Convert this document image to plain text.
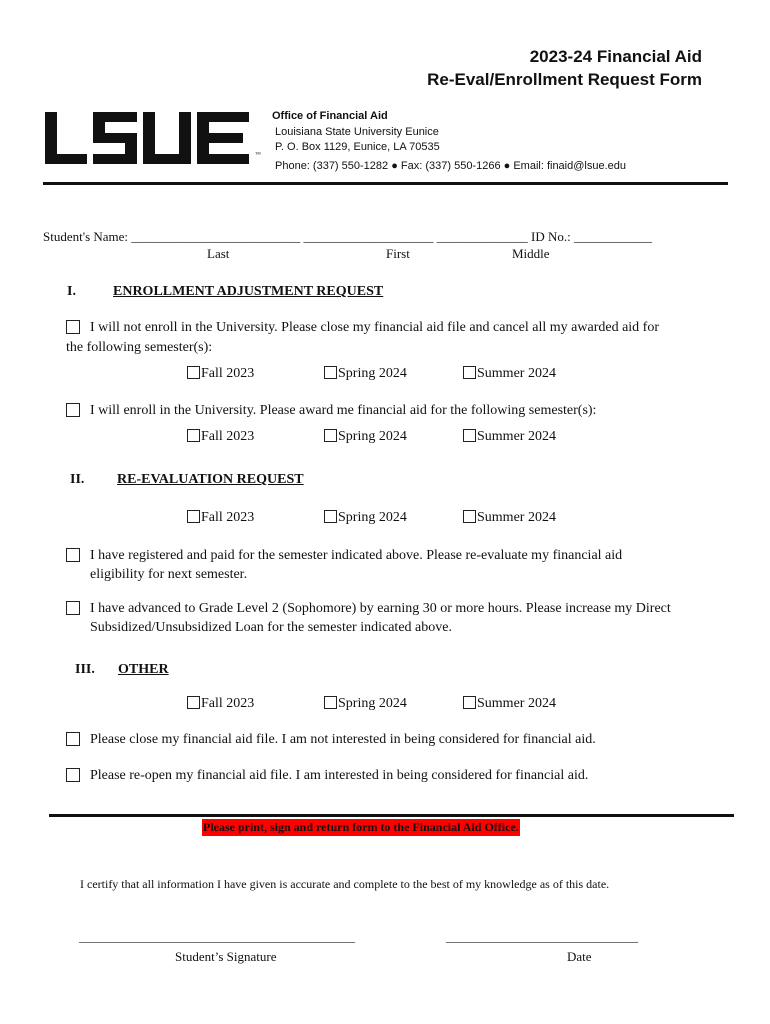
2023-24 Financial Aid
Re-Eval/Enrollment Request Form
™
Office of Financial Aid
Louisiana State University Eunice
P. O. Box 1129, Eunice, LA 70535
Phone: (337) 550-1282 ● Fax: (337) 550-1266 ● Email: finaid@lsue.edu
Student's Name: __________________________ ____________________ ______________ ID No.: ____________
Last	First	Middle
I.	ENROLLMENT ADJUSTMENT REQUEST
I will not enroll in the University. Please close my financial aid file and cancel all my awarded aid for
the following semester(s):
Fall 2023	Spring 2024	Summer 2024
I will enroll in the University. Please award me financial aid for the following semester(s):
Fall 2023	Spring 2024	Summer 2024
II. RE-EVALUATION REQUEST
Fall 2023	Spring 2024	Summer 2024
I have registered and paid for the semester indicated above. Please re-evaluate my financial aid
eligibility for next semester.
I have advanced to Grade Level 2 (Sophomore) by earning 30 or more hours. Please increase my Direct
Subsidized/Unsubsidized Loan for the semester indicated above.
III. OTHER
Fall 2023	Spring 2024	Summer 2024
Please close my financial aid file. I am not interested in being considered for financial aid.
Please re-open my financial aid file. I am interested in being considered for financial aid.
Please print, sign and return form to the Financial Aid Office.
I certify that all information I have given is accurate and complete to the best of my knowledge as of this date.
______________________________________________	________________________________
Student’s Signature	Date
